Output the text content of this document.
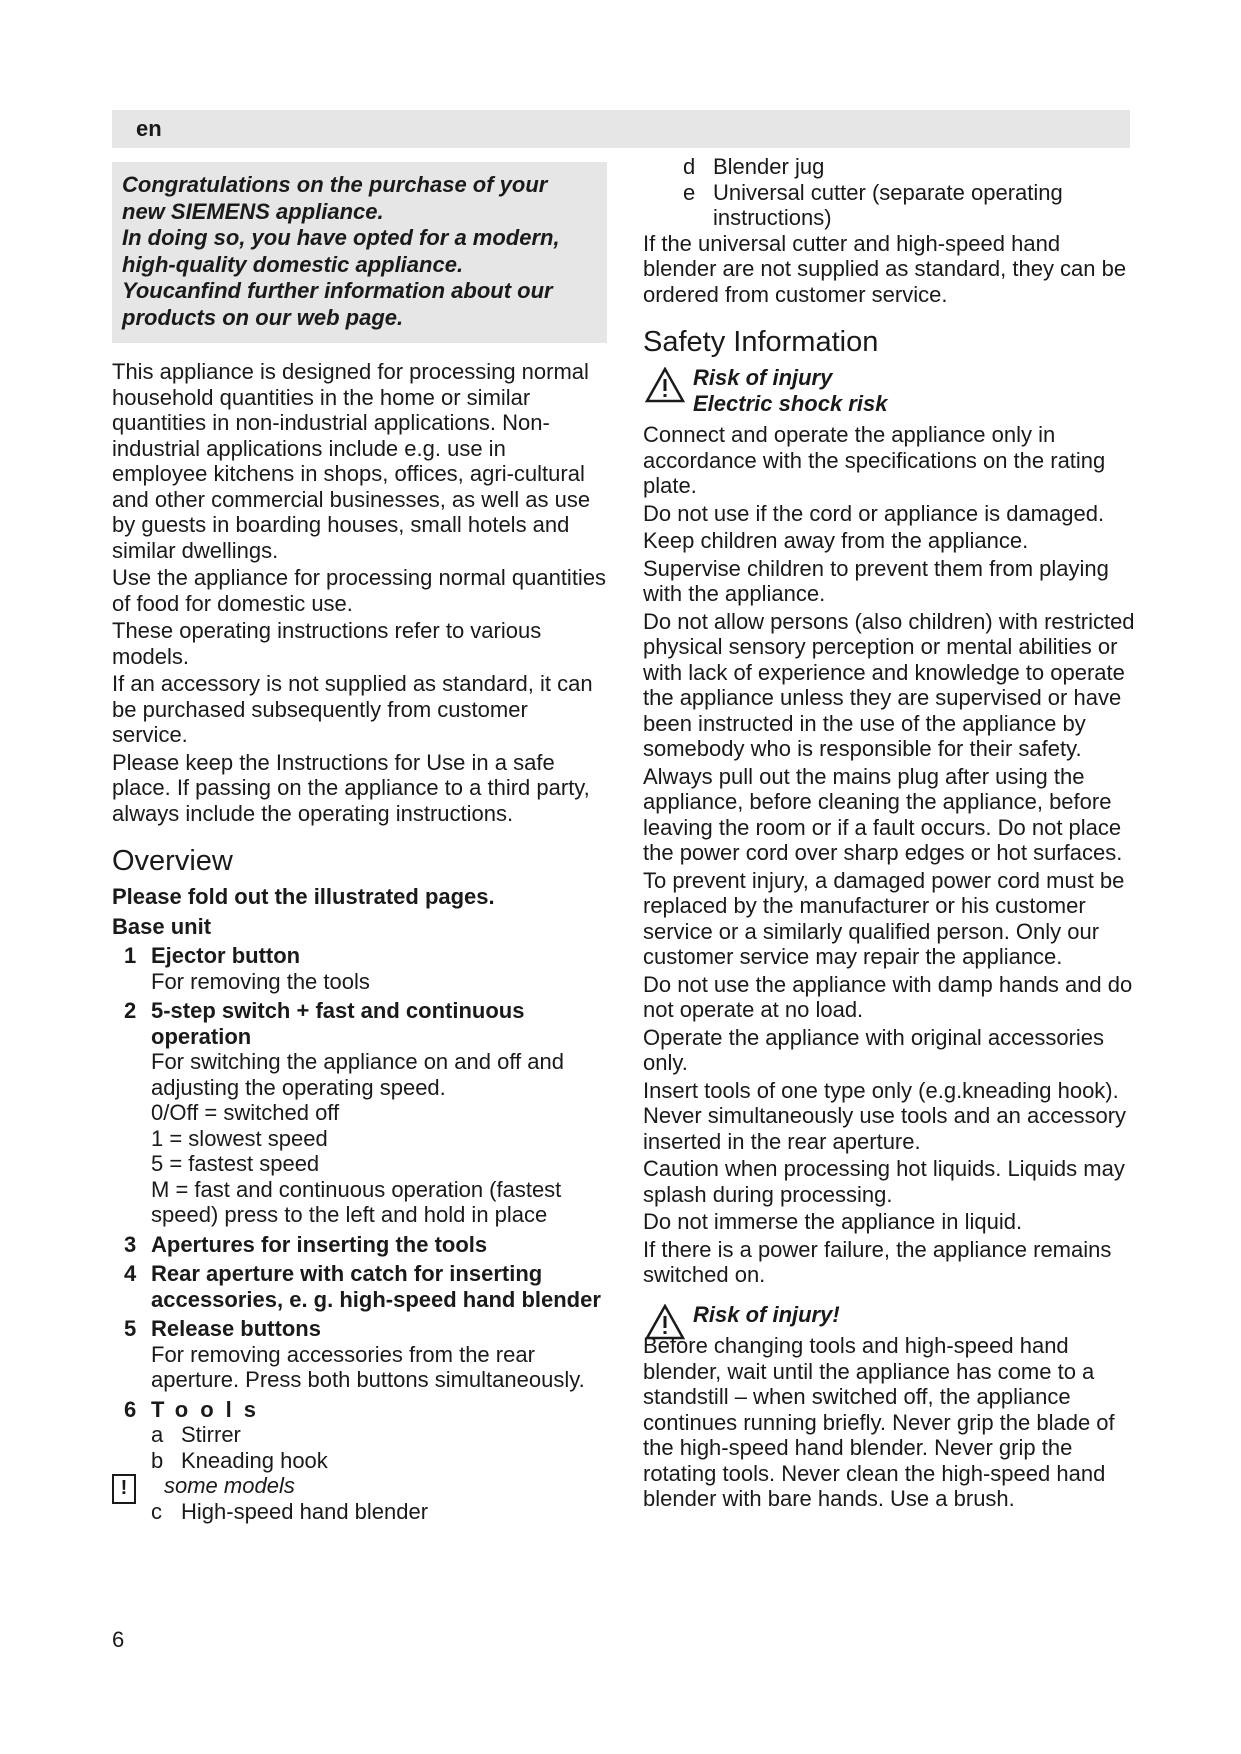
en
Congratulations on the purchase of your
new SIEMENS appliance.
In doing so, you have opted for a modern,
high-quality domestic appliance.
Youcanfind further information about our
products on our web page.

This appliance is designed for processing normal household quantities in the home or similar quantities in non-industrial applications. Non-industrial applications include e.g. use in employee kitchens in shops, offices, agri-cultural and other commercial businesses, as well as use by guests in boarding houses, small hotels and similar dwellings.

Use the appliance for processing normal quantities of food for domestic use.

These operating instructions refer to various models.

If an accessory is not supplied as standard, it can be purchased subsequently from customer service.

Please keep the Instructions for Use in a safe place. If passing on the appliance to a third party, always include the operating instructions.

Overview
Please fold out the illustrated pages.
Base unit
1 Ejector button
For removing the tools
2 5-step switch + fast and continuous
operation
For switching the appliance on and off and adjusting the operating speed.
0/Off = switched off
1 = slowest speed
5 = fastest speed
M = fast and continuous operation (fastest speed) press to the left and hold in place
3 Apertures for inserting the tools
4 Rear aperture with catch for inserting
accessories, e. g. high-speed hand blender
5 Release buttons
For removing accessories from the rear aperture. Press both buttons simultaneously.
6 Tools
a Stirrer
b Kneading hook
!	some models
c High-speed hand blender
d Blender jug
e Universal cutter (separate operating
instructions)

If the universal cutter and high-speed hand blender are not supplied as standard, they can be ordered from customer service.

Safety Information
Risk of injury
Electric shock risk

Connect and operate the appliance only in accordance with the specifications on the rating plate.

Do not use if the cord or appliance is damaged.

Keep children away from the appliance.

Supervise children to prevent them from playing with the appliance.

Do not allow persons (also children) with restricted physical sensory perception or mental abilities or with lack of experience and knowledge to operate the appliance unless they are supervised or have been instructed in the use of the appliance by somebody who is responsible for their safety.

Always pull out the mains plug after using the appliance, before cleaning the appliance, before leaving the room or if a fault occurs. Do not place the power cord over sharp edges or hot surfaces.

To prevent injury, a damaged power cord must be replaced by the manufacturer or his customer service or a similarly qualified person. Only our customer service may repair the appliance.

Do not use the appliance with damp hands and do not operate at no load.

Operate the appliance with original accessories only.

Insert tools of one type only (e.g.kneading hook). Never simultaneously use tools and an accessory inserted in the rear aperture.

Caution when processing hot liquids. Liquids may splash during processing.

Do not immerse the appliance in liquid.

If there is a power failure, the appliance remains switched on.

Risk of injury!

Before changing tools and high-speed hand blender, wait until the appliance has come to a standstill – when switched off, the appliance continues running briefly. Never grip the blade of the high-speed hand blender. Never grip the rotating tools. Never clean the high-speed hand blender with bare hands. Use a brush.

6
